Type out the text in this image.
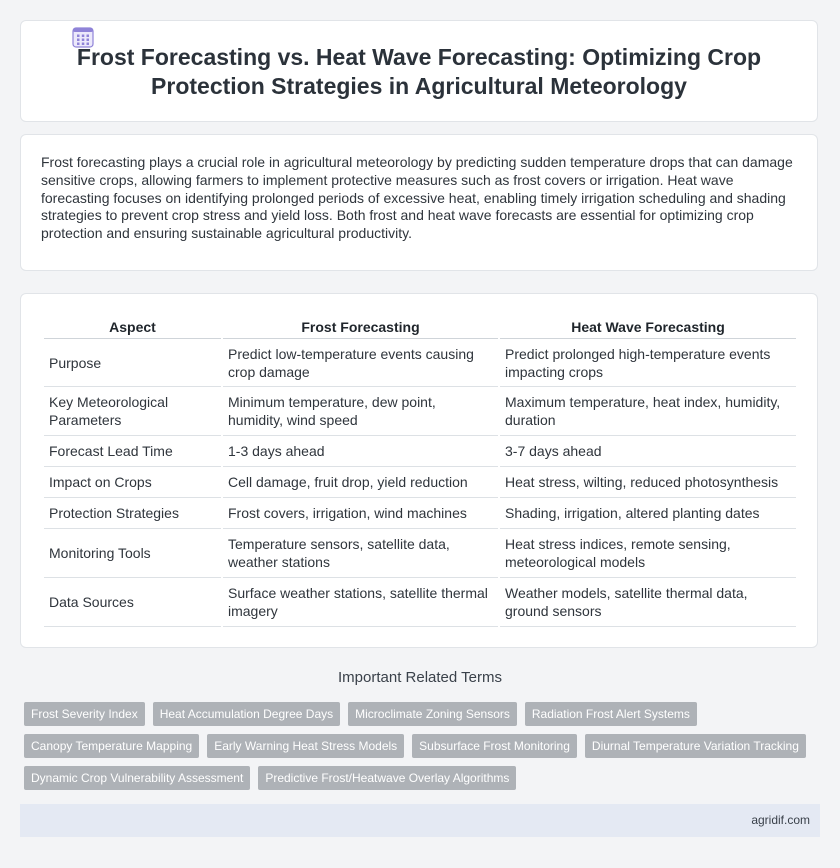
Frost Forecasting vs. Heat Wave Forecasting: Optimizing Crop Protection Strategies in Agricultural Meteorology

Frost forecasting plays a crucial role in agricultural meteorology by predicting sudden temperature drops that can damage sensitive crops, allowing farmers to implement protective measures such as frost covers or irrigation. Heat wave forecasting focuses on identifying prolonged periods of excessive heat, enabling timely irrigation scheduling and shading strategies to prevent crop stress and yield loss. Both frost and heat wave forecasts are essential for optimizing crop protection and ensuring sustainable agricultural productivity.

Aspect	Frost Forecasting	Heat Wave Forecasting
Purpose	Predict low-temperature events causing crop damage	Predict prolonged high-temperature events impacting crops
Key Meteorological Parameters	Minimum temperature, dew point, humidity, wind speed	Maximum temperature, heat index, humidity, duration
Forecast Lead Time	1-3 days ahead	3-7 days ahead
Impact on Crops	Cell damage, fruit drop, yield reduction	Heat stress, wilting, reduced photosynthesis
Protection Strategies	Frost covers, irrigation, wind machines	Shading, irrigation, altered planting dates
Monitoring Tools	Temperature sensors, satellite data, weather stations	Heat stress indices, remote sensing, meteorological models
Data Sources	Surface weather stations, satellite thermal imagery	Weather models, satellite thermal data, ground sensors
Important Related Terms
Frost Severity Index	Heat Accumulation Degree Days	Microclimate Zoning Sensors	Radiation Frost Alert Systems
Canopy Temperature Mapping	Early Warning Heat Stress Models	Subsurface Frost Monitoring	Diurnal Temperature Variation Tracking
Dynamic Crop Vulnerability Assessment	Predictive Frost/Heatwave Overlay Algorithms
agridif.com
